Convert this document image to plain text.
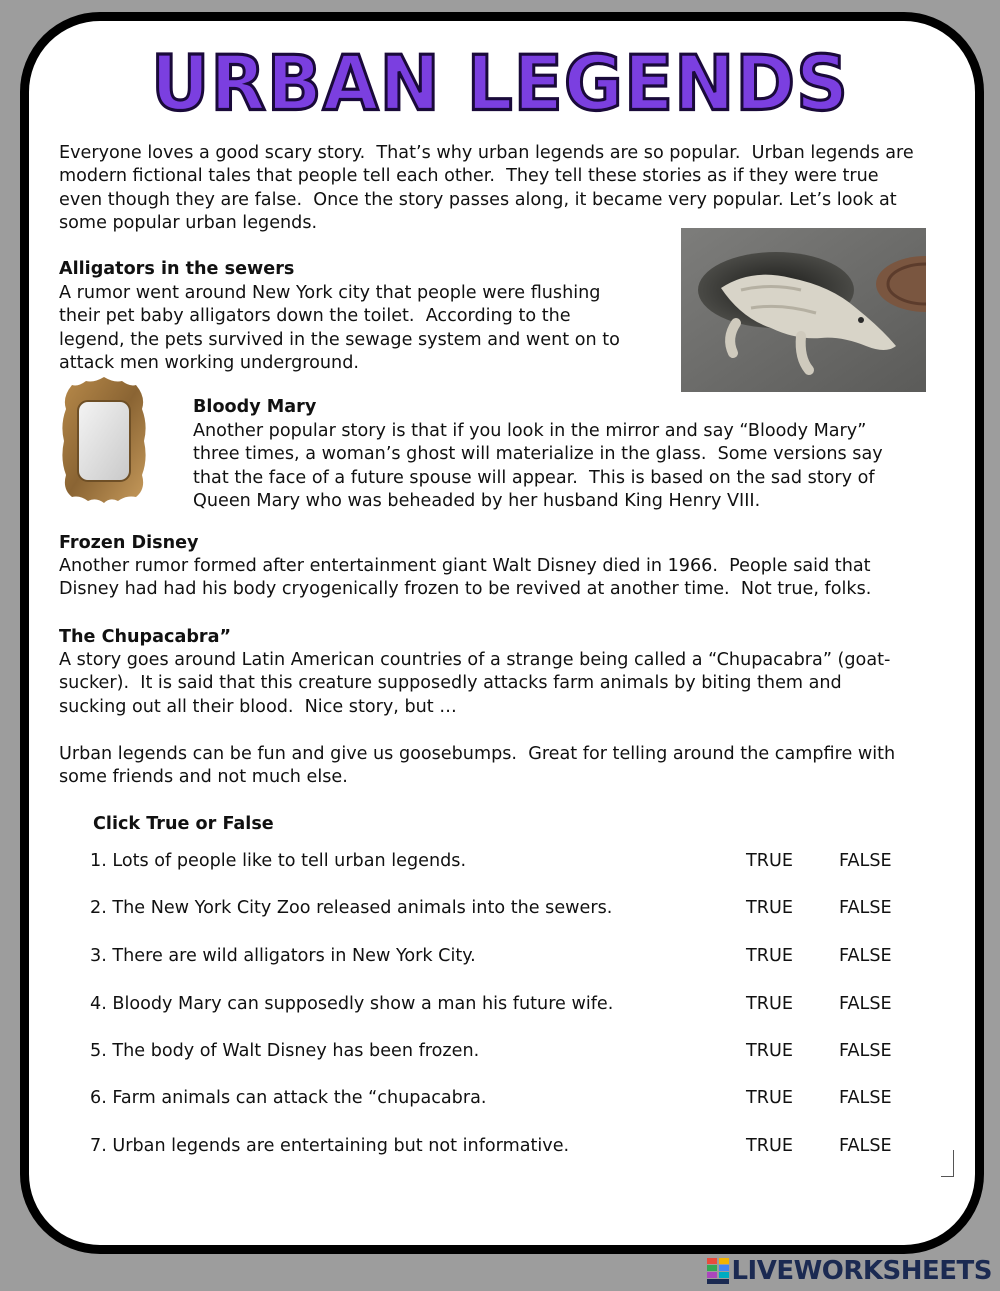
URBAN LEGENDS

Everyone loves a good scary story.  That’s why urban legends are so popular.  Urban legends are
modern fictional tales that people tell each other.  They tell these stories as if they were true
even though they are false.  Once the story passes along, it became very popular. Let’s look at
some popular urban legends.

Alligators in the sewers

A rumor went around New York city that people were flushing
their pet baby alligators down the toilet.  According to the
legend, the pets survived in the sewage system and went on to
attack men working underground.

Bloody Mary

Another popular story is that if you look in the mirror and say “Bloody Mary”
three times, a woman’s ghost will materialize in the glass.  Some versions say
that the face of a future spouse will appear.  This is based on the sad story of
Queen Mary who was beheaded by her husband King Henry VIII.

Frozen Disney

Another rumor formed after entertainment giant Walt Disney died in 1966.  People said that
Disney had had his body cryogenically frozen to be revived at another time.  Not true, folks.

The Chupacabra”

A story goes around Latin American countries of a strange being called a “Chupacabra” (goat-
sucker).  It is said that this creature supposedly attacks farm animals by biting them and
sucking out all their blood.  Nice story, but …

Urban legends can be fun and give us goosebumps.  Great for telling around the campfire with
some friends and not much else.

Click True or False

1. Lots of people like to tell urban legends.	TRUE	FALSE
2. The New York City Zoo released animals into the sewers.	TRUE	FALSE
3. There are wild alligators in New York City.	TRUE	FALSE
4. Bloody Mary can supposedly show a man his future wife.	TRUE	FALSE
5. The body of Walt Disney has been frozen.	TRUE	FALSE
6. Farm animals can attack the “chupacabra.	TRUE	FALSE
7. Urban legends are entertaining but not informative.	TRUE	FALSE
LIVEWORKSHEETS
